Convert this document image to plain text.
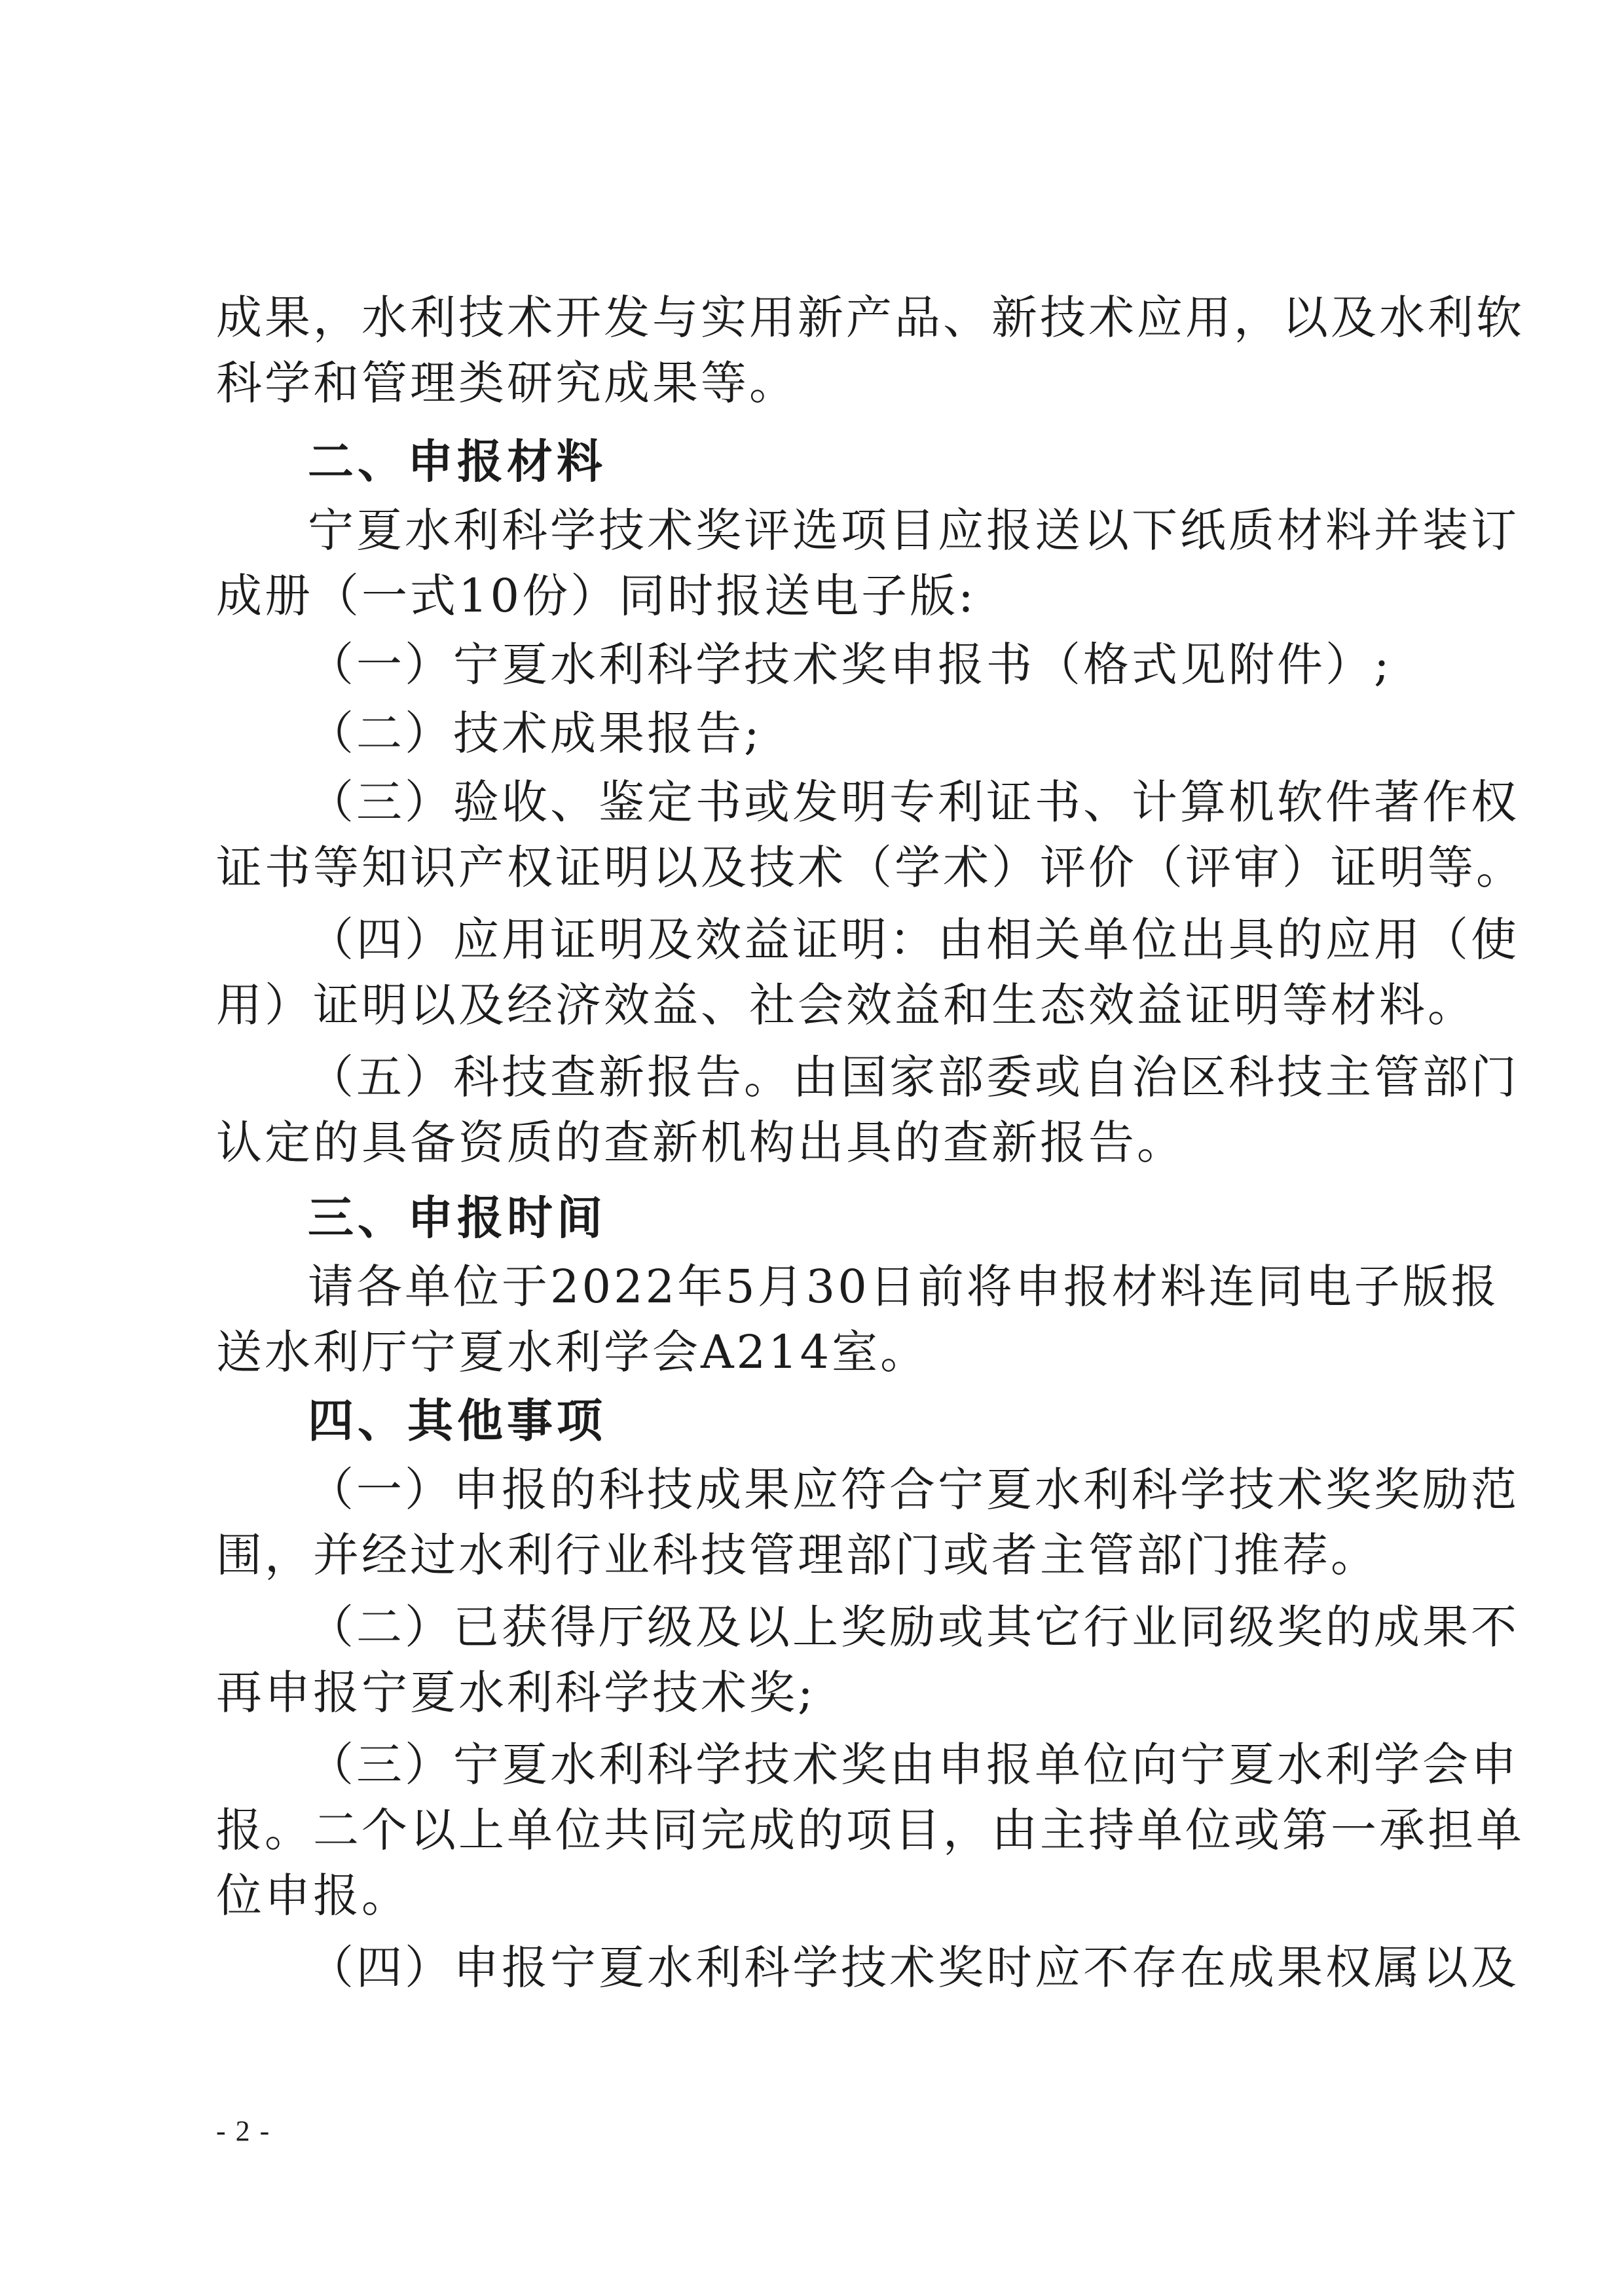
成果，水利技术开发与实用新产品、新技术应用，以及水利软
科学和管理类研究成果等。
二、申报材料
宁夏水利科学技术奖评选项目应报送以下纸质材料并装订
成册（一式10份）同时报送电子版:
（一）宁夏水利科学技术奖申报书（格式见附件）;
（二）技术成果报告;
（三）验收、鉴定书或发明专利证书、计算机软件著作权
证书等知识产权证明以及技术（学术）评价（评审）证明等。
（四）应用证明及效益证明：由相关单位出具的应用（使
用）证明以及经济效益、社会效益和生态效益证明等材料。
（五）科技查新报告。由国家部委或自治区科技主管部门
认定的具备资质的查新机构出具的查新报告。
三、申报时间
请各单位于2022年5月30日前将申报材料连同电子版报
送水利厅宁夏水利学会A214室。
四、其他事项
（一）申报的科技成果应符合宁夏水利科学技术奖奖励范
围，并经过水利行业科技管理部门或者主管部门推荐。
（二）已获得厅级及以上奖励或其它行业同级奖的成果不
再申报宁夏水利科学技术奖;
（三）宁夏水利科学技术奖由申报单位向宁夏水利学会申
报。二个以上单位共同完成的项目，由主持单位或第一承担单
位申报。
（四）申报宁夏水利科学技术奖时应不存在成果权属以及
- 2 -
